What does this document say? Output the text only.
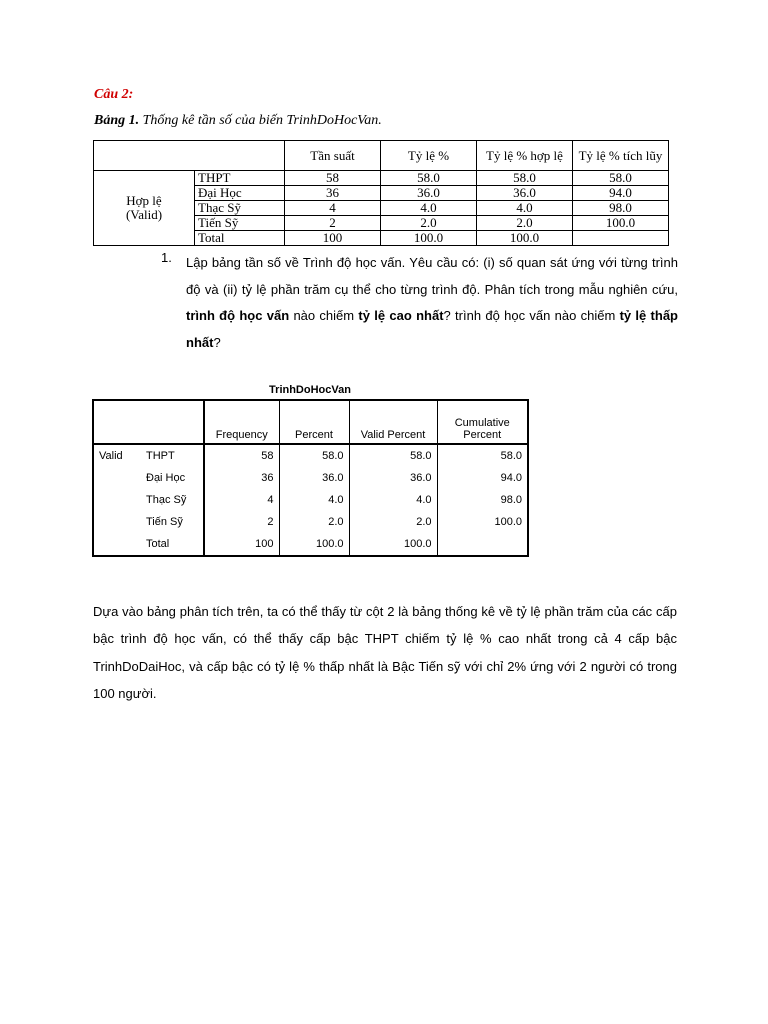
Câu 2:
Bảng 1. Thống kê tần số của biến TrinhDoHocVan.
		Tần suất	Tỷ lệ %	Tỷ lệ % hợp lệ	Tỷ lệ % tích lũy
Hợp lệ
(Valid)	THPT	58	58.0	58.0	58.0
	Đại Học	36	36.0	36.0	94.0
	Thạc Sỹ	4	4.0	4.0	98.0
	Tiến Sỹ	2	2.0	2.0	100.0
	Total	100	100.0	100.0	
1. Lập bảng tần số về Trình độ học vấn. Yêu cầu có: (i) số quan sát ứng với từng trình độ và (ii) tỷ lệ phần trăm cụ thể cho từng trình độ. Phân tích trong mẫu nghiên cứu, trình độ học vấn nào chiếm tỷ lệ cao nhất? trình độ học vấn nào chiếm tỷ lệ thấp nhất?
TrinhDoHocVan
		Frequency	Percent	Valid Percent	Cumulative Percent
Valid	THPT	58	58.0	58.0	58.0
	Đại Học	36	36.0	36.0	94.0
	Thạc Sỹ	4	4.0	4.0	98.0
	Tiến Sỹ	2	2.0	2.0	100.0
	Total	100	100.0	100.0	
Dựa vào bảng phân tích trên, ta có thể thấy từ cột 2 là bảng thống kê về tỷ lệ phần trăm của các cấp bậc trình độ học vấn, có thể thấy cấp bậc THPT chiếm tỷ lệ % cao nhất trong cả 4 cấp bậc TrinhDoDaiHoc, và cấp bậc có tỷ lệ % thấp nhất là Bậc Tiến sỹ với chỉ 2% ứng với 2 người có trong 100 người.
